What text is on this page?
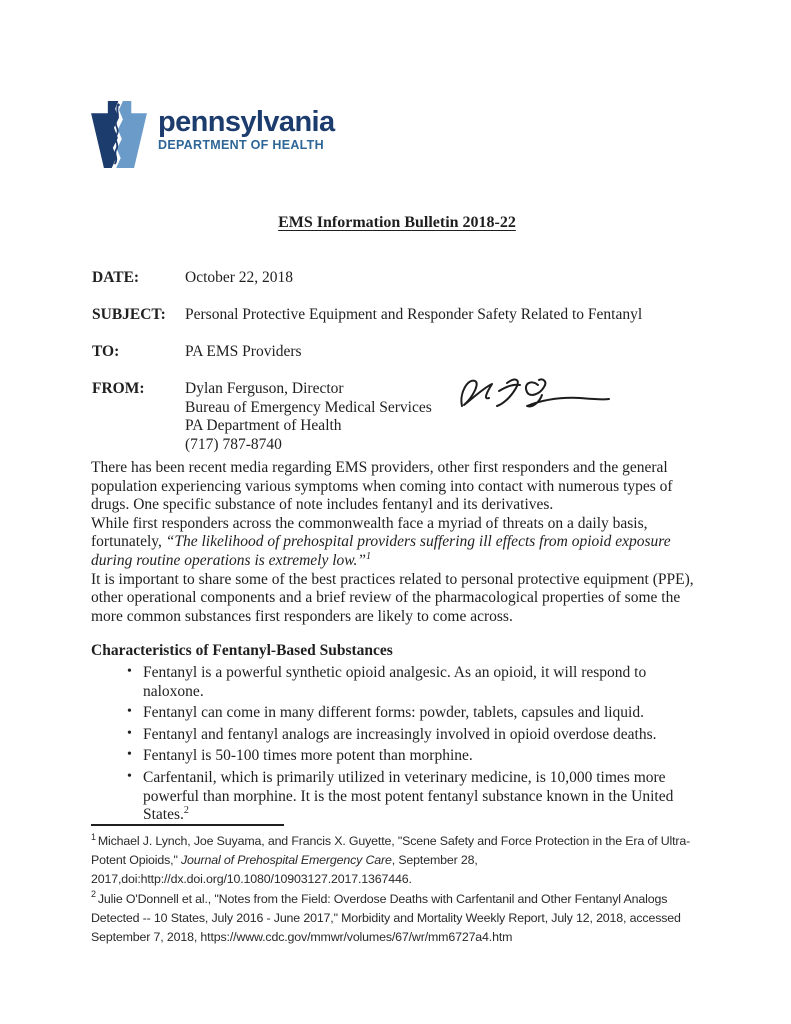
pennsylvania
DEPARTMENT OF HEALTH
EMS Information Bulletin 2018-22
DATE:	October 22, 2018
SUBJECT: Personal Protective Equipment and Responder Safety Related to Fentanyl
TO:	PA EMS Providers
FROM:	Dylan Ferguson, Director
Bureau of Emergency Medical Services
PA Department of Health
(717) 787-8740

There has been recent media regarding EMS providers, other first responders and the general population experiencing various symptoms when coming into contact with numerous types of drugs. One specific substance of note includes fentanyl and its derivatives.

While first responders across the commonwealth face a myriad of threats on a daily basis, fortunately, “The likelihood of prehospital providers suffering ill effects from opioid exposure during routine operations is extremely low.”$^1$

It is important to share some of the best practices related to personal protective equipment (PPE), other operational components and a brief review of the pharmacological properties of some the more common substances first responders are likely to come across.

Characteristics of Fentanyl-Based Substances
• Fentanyl is a powerful synthetic opioid analgesic. As an opioid, it will respond to naloxone.
• Fentanyl can come in many different forms: powder, tablets, capsules and liquid.
• Fentanyl and fentanyl analogs are increasingly involved in opioid overdose deaths.
• Fentanyl is 50-100 times more potent than morphine.
• Carfentanil, which is primarily utilized in veterinary medicine, is 10,000 times more powerful than morphine. It is the most potent fentanyl substance known in the United States.$^2$

$^1$ Michael J. Lynch, Joe Suyama, and Francis X. Guyette, "Scene Safety and Force Protection in the Era of Ultra-Potent Opioids," Journal of Prehospital Emergency Care, September 28, 2017,doi:http://dx.doi.org/10.1080/10903127.2017.1367446.

$^2$ Julie O'Donnell et al., "Notes from the Field: Overdose Deaths with Carfentanil and Other Fentanyl Analogs Detected -- 10 States, July 2016 - June 2017," Morbidity and Mortality Weekly Report, July 12, 2018, accessed September 7, 2018, https://www.cdc.gov/mmwr/volumes/67/wr/mm6727a4.htm
